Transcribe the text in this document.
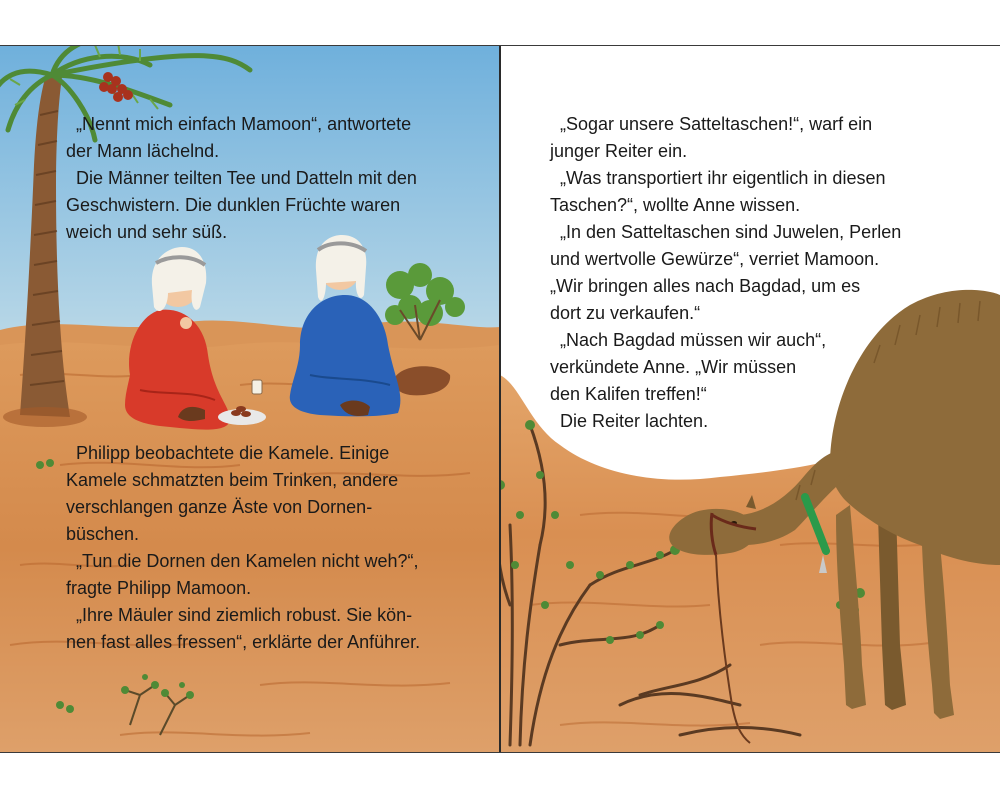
„Nennt mich einfach Mamoon“, antwortete

der Mann lächelnd.

Die Männer teilten Tee und Datteln mit den

Geschwistern. Die dunklen Früchte waren

weich und sehr süß.

Philipp beobachtete die Kamele. Einige

Kamele schmatzten beim Trinken, andere

verschlangen ganze Äste von Dornen-

büschen.

„Tun die Dornen den Kamelen nicht weh?“,

fragte Philipp Mamoon.

„Ihre Mäuler sind ziemlich robust. Sie kön-

nen fast alles fressen“, erklärte der Anführer.

„Sogar unsere Satteltaschen!“, warf ein

junger Reiter ein.

„Was transportiert ihr eigentlich in diesen

Taschen?“, wollte Anne wissen.

„In den Satteltaschen sind Juwelen, Perlen

und wertvolle Gewürze“, verriet Mamoon.

„Wir bringen alles nach Bagdad, um es

dort zu verkaufen.“

„Nach Bagdad müssen wir auch“,

verkündete Anne. „Wir müssen

den Kalifen treffen!“

Die Reiter lachten.
